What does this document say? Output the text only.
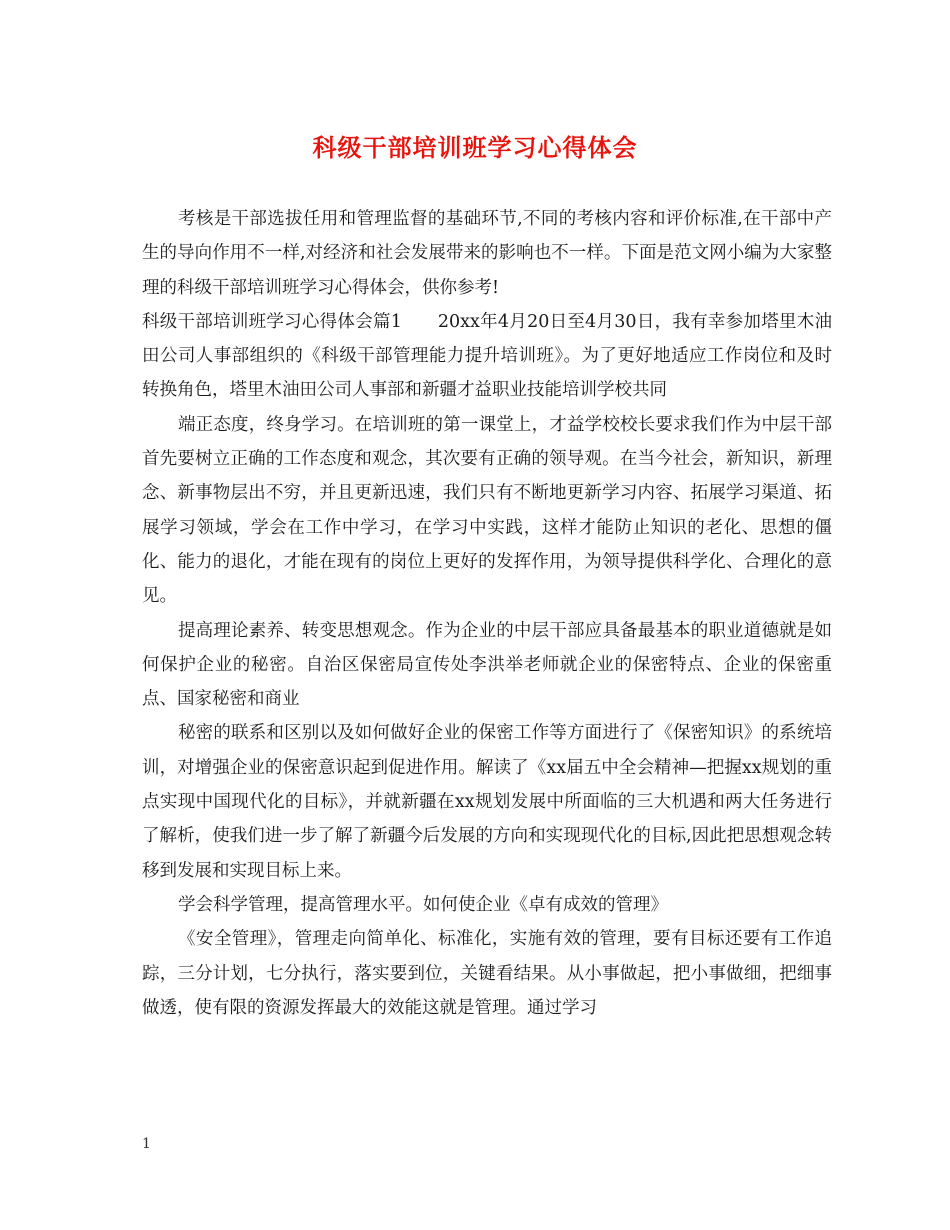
科级干部培训班学习心得体会

考核是干部选拔任用和管理监督的基础环节,不同的考核内容和评价标准,在干部中产生的导向作用不一样,对经济和社会发展带来的影响也不一样。下面是范文网小编为大家整理的科级干部培训班学习心得体会，供你参考!

科级干部培训班学习心得体会篇1 20xx年4月20日至4月30日，我有幸参加塔里木油田公司人事部组织的《科级干部管理能力提升培训班》。为了更好地适应工作岗位和及时转换角色，塔里木油田公司人事部和新疆才益职业技能培训学校共同

端正态度，终身学习。在培训班的第一课堂上，才益学校校长要求我们作为中层干部首先要树立正确的工作态度和观念，其次要有正确的领导观。在当今社会，新知识，新理念、新事物层出不穷，并且更新迅速，我们只有不断地更新学习内容、拓展学习渠道、拓展学习领域，学会在工作中学习，在学习中实践，这样才能防止知识的老化、思想的僵化、能力的退化，才能在现有的岗位上更好的发挥作用，为领导提供科学化、合理化的意见。

提高理论素养、转变思想观念。作为企业的中层干部应具备最基本的职业道德就是如何保护企业的秘密。自治区保密局宣传处李洪举老师就企业的保密特点、企业的保密重点、国家秘密和商业

秘密的联系和区别以及如何做好企业的保密工作等方面进行了《保密知识》的系统培训，对增强企业的保密意识起到促进作用。解读了《xx届五中全会精神—把握xx规划的重点实现中国现代化的目标》，并就新疆在xx规划发展中所面临的三大机遇和两大任务进行了解析，使我们进一步了解了新疆今后发展的方向和实现现代化的目标,因此把思想观念转移到发展和实现目标上来。

学会科学管理，提高管理水平。如何使企业《卓有成效的管理》

《安全管理》，管理走向简单化、标准化，实施有效的管理，要有目标还要有工作追踪，三分计划，七分执行，落实要到位，关键看结果。从小事做起，把小事做细，把细事做透，使有限的资源发挥最大的效能这就是管理。通过学习

1
